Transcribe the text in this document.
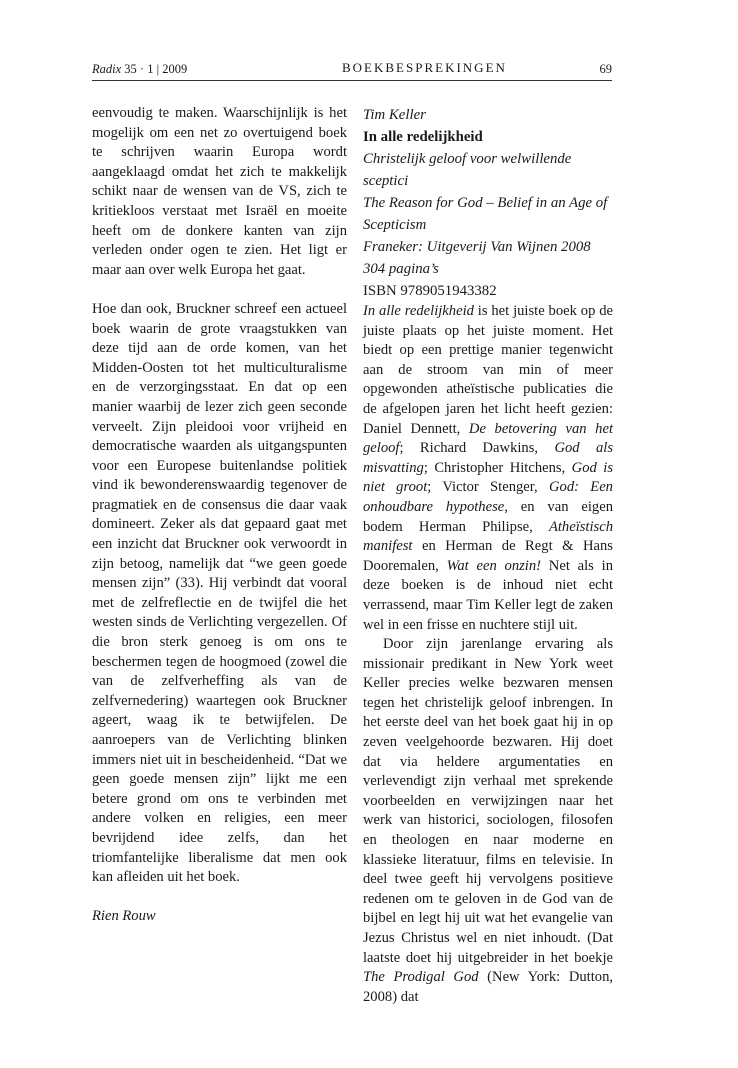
Radix 35 · 1 | 2009	BOEKBESPREKINGEN	69

eenvoudig te maken. Waarschijnlijk is het mogelijk om een net zo overtuigend boek te schrijven waarin Europa wordt aangeklaagd omdat het zich te makkelijk schikt naar de wensen van de VS, zich te kritiekloos verstaat met Israël en moeite heeft om de donkere kanten van zijn verleden onder ogen te zien. Het ligt er maar aan over welk Europa het gaat.

Hoe dan ook, Bruckner schreef een actueel boek waarin de grote vraagstukken van deze tijd aan de orde komen, van het Midden-Oosten tot het multiculturalisme en de verzorgingsstaat. En dat op een manier waarbij de lezer zich geen seconde verveelt. Zijn pleidooi voor vrijheid en democratische waarden als uitgangspunten voor een Europese buitenlandse politiek vind ik bewonderenswaardig tegenover de pragmatiek en de consensus die daar vaak domineert. Zeker als dat gepaard gaat met een inzicht dat Bruckner ook verwoordt in zijn betoog, namelijk dat “we geen goede mensen zijn” (33). Hij verbindt dat vooral met de zelfreflectie en de twijfel die het westen sinds de Verlichting vergezellen. Of die bron sterk genoeg is om ons te beschermen tegen de hoogmoed (zowel die van de zelfverheffing als van de zelfvernedering) waartegen ook Bruckner ageert, waag ik te betwijfelen. De aanroepers van de Verlichting blinken immers niet uit in bescheidenheid. “Dat we geen goede mensen zijn” lijkt me een betere grond om ons te verbinden met andere volken en religies, een meer bevrijdend idee zelfs, dan het triomfantelijke liberalisme dat men ook kan afleiden uit het boek.

Rien Rouw

Tim Keller
In alle redelijkheid
Christelijk geloof voor welwillende sceptici
The Reason for God – Belief in an Age of Scepticism
Franeker: Uitgeverij Van Wijnen 2008
304 pagina’s
ISBN 9789051943382

In alle redelijkheid is het juiste boek op de juiste plaats op het juiste moment. Het biedt op een prettige manier tegenwicht aan de stroom van min of meer opgewonden atheïstische publicaties die de afgelopen jaren het licht heeft gezien: Daniel Dennett, De betovering van het geloof; Richard Dawkins, God als misvatting; Christopher Hitchens, God is niet groot; Victor Stenger, God: Een onhoudbare hypothese, en van eigen bodem Herman Philipse, Atheïstisch manifest en Herman de Regt & Hans Dooremalen, Wat een onzin! Net als in deze boeken is de inhoud niet echt verrassend, maar Tim Keller legt de zaken wel in een frisse en nuchtere stijl uit.

Door zijn jarenlange ervaring als missionair predikant in New York weet Keller precies welke bezwaren mensen tegen het christelijk geloof inbrengen. In het eerste deel van het boek gaat hij in op zeven veelgehoorde bezwaren. Hij doet dat via heldere argumentaties en verlevendigt zijn verhaal met sprekende voorbeelden en verwijzingen naar het werk van historici, sociologen, filosofen en theologen en naar moderne en klassieke literatuur, films en televisie. In deel twee geeft hij vervolgens positieve redenen om te geloven in de God van de bijbel en legt hij uit wat het evangelie van Jezus Christus wel en niet inhoudt. (Dat laatste doet hij uitgebreider in het boekje The Prodigal God (New York: Dutton, 2008) dat
